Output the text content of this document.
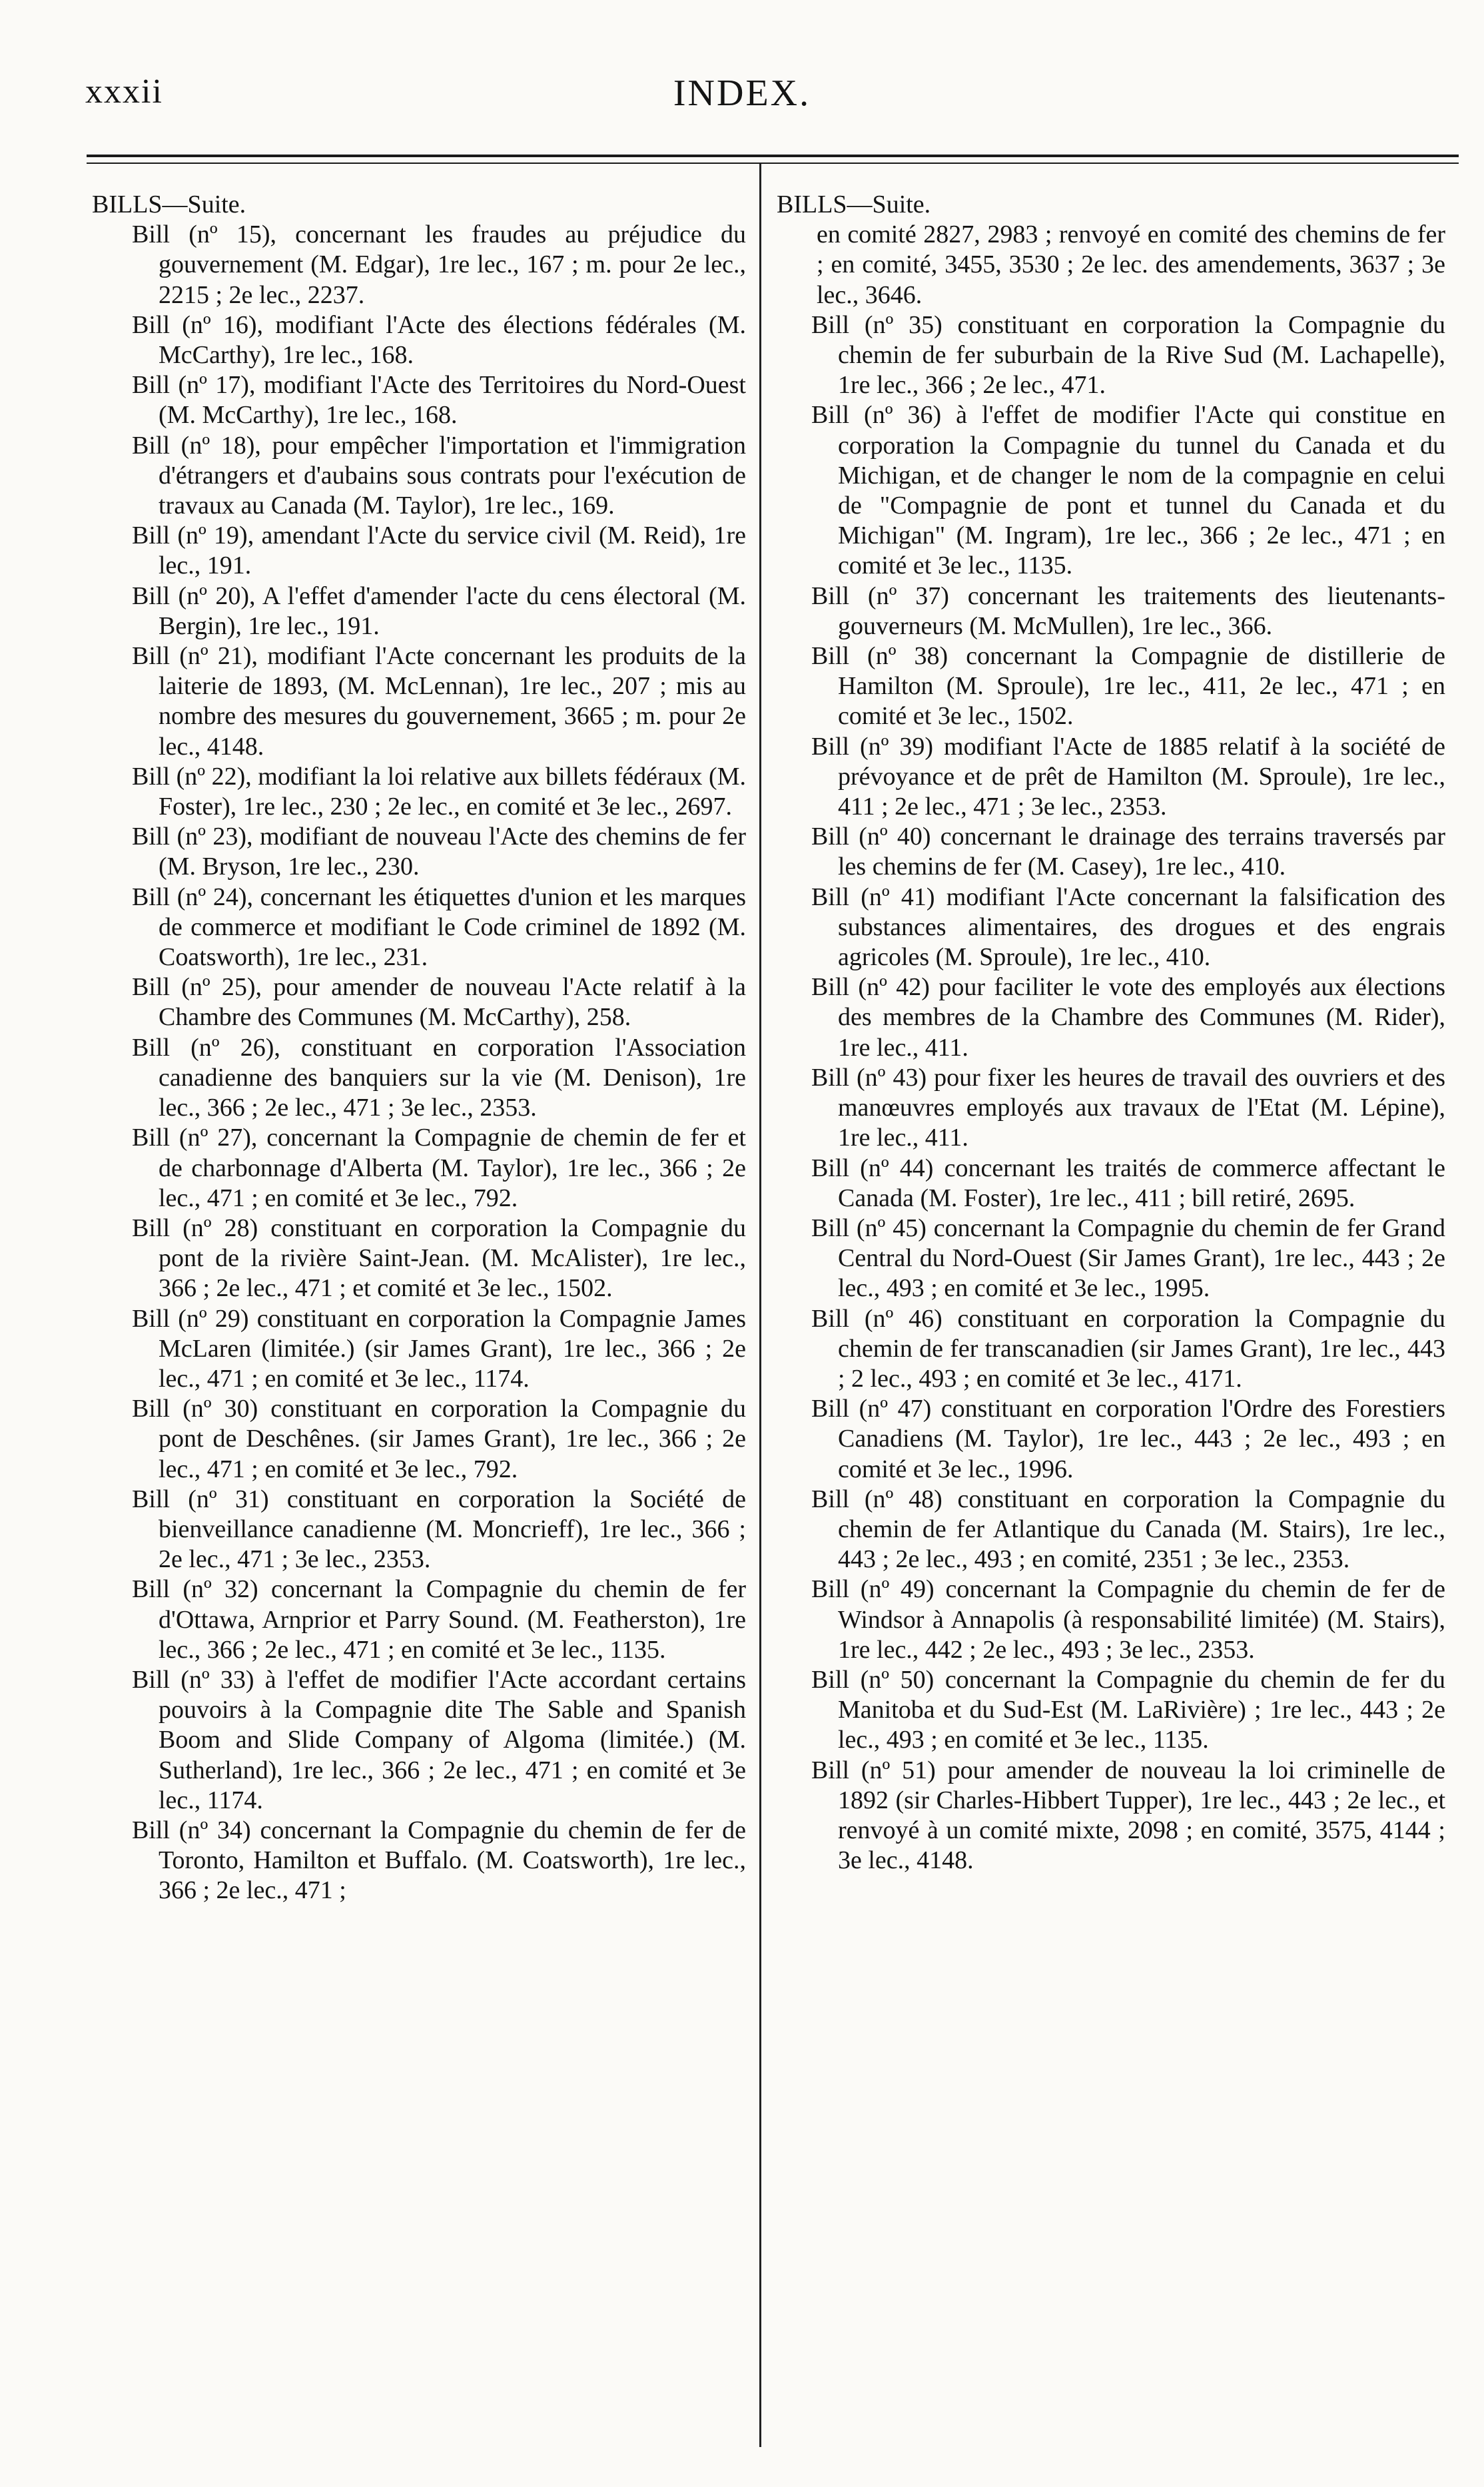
xxxii	INDEX.
BILLS—Suite.
Bill (nº 15), concernant les fraudes au préjudice du gouvernement (M. Edgar), 1re lec., 167 ; m. pour 2e lec., 2215 ; 2e lec., 2237.
Bill (nº 16), modifiant l'Acte des élections fédérales (M. McCarthy), 1re lec., 168.
Bill (nº 17), modifiant l'Acte des Territoires du Nord-Ouest (M. McCarthy), 1re lec., 168.
Bill (nº 18), pour empêcher l'importation et l'immigration d'étrangers et d'aubains sous contrats pour l'exécution de travaux au Canada (M. Taylor), 1re lec., 169.
Bill (nº 19), amendant l'Acte du service civil (M. Reid), 1re lec., 191.
Bill (nº 20), A l'effet d'amender l'acte du cens électoral (M. Bergin), 1re lec., 191.
Bill (nº 21), modifiant l'Acte concernant les produits de la laiterie de 1893, (M. McLennan), 1re lec., 207 ; mis au nombre des mesures du gouvernement, 3665 ; m. pour 2e lec., 4148.
Bill (nº 22), modifiant la loi relative aux billets fédéraux (M. Foster), 1re lec., 230 ; 2e lec., en comité et 3e lec., 2697.
Bill (nº 23), modifiant de nouveau l'Acte des chemins de fer (M. Bryson, 1re lec., 230.
Bill (nº 24), concernant les étiquettes d'union et les marques de commerce et modifiant le Code criminel de 1892 (M. Coatsworth), 1re lec., 231.
Bill (nº 25), pour amender de nouveau l'Acte relatif à la Chambre des Communes (M. McCarthy), 258.
Bill (nº 26), constituant en corporation l'Association canadienne des banquiers sur la vie (M. Denison), 1re lec., 366 ; 2e lec., 471 ; 3e lec., 2353.
Bill (nº 27), concernant la Compagnie de chemin de fer et de charbonnage d'Alberta (M. Taylor), 1re lec., 366 ; 2e lec., 471 ; en comité et 3e lec., 792.
Bill (nº 28) constituant en corporation la Compagnie du pont de la rivière Saint-Jean. (M. McAlister), 1re lec., 366 ; 2e lec., 471 ; et comité et 3e lec., 1502.
Bill (nº 29) constituant en corporation la Compagnie James McLaren (limitée.) (sir James Grant), 1re lec., 366 ; 2e lec., 471 ; en comité et 3e lec., 1174.
Bill (nº 30) constituant en corporation la Compagnie du pont de Deschênes. (sir James Grant), 1re lec., 366 ; 2e lec., 471 ; en comité et 3e lec., 792.
Bill (nº 31) constituant en corporation la Société de bienveillance canadienne (M. Moncrieff), 1re lec., 366 ; 2e lec., 471 ; 3e lec., 2353.
Bill (nº 32) concernant la Compagnie du chemin de fer d'Ottawa, Arnprior et Parry Sound. (M. Featherston), 1re lec., 366 ; 2e lec., 471 ; en comité et 3e lec., 1135.
Bill (nº 33) à l'effet de modifier l'Acte accordant certains pouvoirs à la Compagnie dite The Sable and Spanish Boom and Slide Company of Algoma (limitée.) (M. Sutherland), 1re lec., 366 ; 2e lec., 471 ; en comité et 3e lec., 1174.
Bill (nº 34) concernant la Compagnie du chemin de fer de Toronto, Hamilton et Buffalo. (M. Coatsworth), 1re lec., 366 ; 2e lec., 471 ;
BILLS—Suite.
en comité 2827, 2983 ; renvoyé en comité des chemins de fer ; en comité, 3455, 3530 ; 2e lec. des amendements, 3637 ; 3e lec., 3646.
Bill (nº 35) constituant en corporation la Compagnie du chemin de fer suburbain de la Rive Sud (M. Lachapelle), 1re lec., 366 ; 2e lec., 471.
Bill (nº 36) à l'effet de modifier l'Acte qui constitue en corporation la Compagnie du tunnel du Canada et du Michigan, et de changer le nom de la compagnie en celui de "Compagnie de pont et tunnel du Canada et du Michigan" (M. Ingram), 1re lec., 366 ; 2e lec., 471 ; en comité et 3e lec., 1135.
Bill (nº 37) concernant les traitements des lieutenants-gouverneurs (M. McMullen), 1re lec., 366.
Bill (nº 38) concernant la Compagnie de distillerie de Hamilton (M. Sproule), 1re lec., 411, 2e lec., 471 ; en comité et 3e lec., 1502.
Bill (nº 39) modifiant l'Acte de 1885 relatif à la société de prévoyance et de prêt de Hamilton (M. Sproule), 1re lec., 411 ; 2e lec., 471 ; 3e lec., 2353.
Bill (nº 40) concernant le drainage des terrains traversés par les chemins de fer (M. Casey), 1re lec., 410.
Bill (nº 41) modifiant l'Acte concernant la falsification des substances alimentaires, des drogues et des engrais agricoles (M. Sproule), 1re lec., 410.
Bill (nº 42) pour faciliter le vote des employés aux élections des membres de la Chambre des Communes (M. Rider), 1re lec., 411.
Bill (nº 43) pour fixer les heures de travail des ouvriers et des manœuvres employés aux travaux de l'Etat (M. Lépine), 1re lec., 411.
Bill (nº 44) concernant les traités de commerce affectant le Canada (M. Foster), 1re lec., 411 ; bill retiré, 2695.
Bill (nº 45) concernant la Compagnie du chemin de fer Grand Central du Nord-Ouest (Sir James Grant), 1re lec., 443 ; 2e lec., 493 ; en comité et 3e lec., 1995.
Bill (nº 46) constituant en corporation la Compagnie du chemin de fer transcanadien (sir James Grant), 1re lec., 443 ; 2 lec., 493 ; en comité et 3e lec., 4171.
Bill (nº 47) constituant en corporation l'Ordre des Forestiers Canadiens (M. Taylor), 1re lec., 443 ; 2e lec., 493 ; en comité et 3e lec., 1996.
Bill (nº 48) constituant en corporation la Compagnie du chemin de fer Atlantique du Canada (M. Stairs), 1re lec., 443 ; 2e lec., 493 ; en comité, 2351 ; 3e lec., 2353.
Bill (nº 49) concernant la Compagnie du chemin de fer de Windsor à Annapolis (à responsabilité limitée) (M. Stairs), 1re lec., 442 ; 2e lec., 493 ; 3e lec., 2353.
Bill (nº 50) concernant la Compagnie du chemin de fer du Manitoba et du Sud-Est (M. LaRivière) ; 1re lec., 443 ; 2e lec., 493 ; en comité et 3e lec., 1135.
Bill (nº 51) pour amender de nouveau la loi criminelle de 1892 (sir Charles-Hibbert Tupper), 1re lec., 443 ; 2e lec., et renvoyé à un comité mixte, 2098 ; en comité, 3575, 4144 ; 3e lec., 4148.
